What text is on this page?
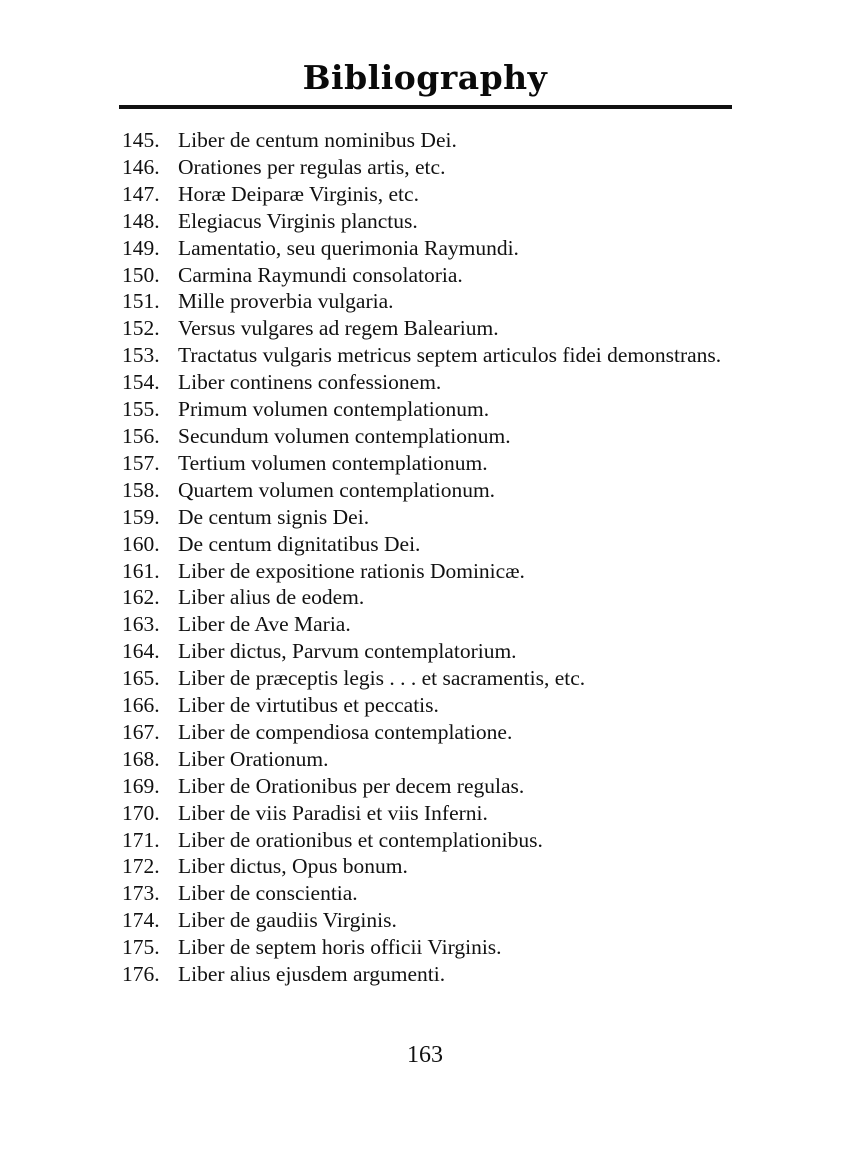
Bibliography
145. Liber de centum nominibus Dei.
146. Orationes per regulas artis, etc.
147. Horæ Deiparæ Virginis, etc.
148. Elegiacus Virginis planctus.
149. Lamentatio, seu querimonia Raymundi.
150. Carmina Raymundi consolatoria.
151. Mille proverbia vulgaria.
152. Versus vulgares ad regem Balearium.
153. Tractatus vulgaris metricus septem articulos fidei demonstrans.
154. Liber continens confessionem.
155. Primum volumen contemplationum.
156. Secundum volumen contemplationum.
157. Tertium volumen contemplationum.
158. Quartem volumen contemplationum.
159. De centum signis Dei.
160. De centum dignitatibus Dei.
161. Liber de expositione rationis Dominicæ.
162. Liber alius de eodem.
163. Liber de Ave Maria.
164. Liber dictus, Parvum contemplatorium.
165. Liber de præceptis legis . . . et sacramentis, etc.
166. Liber de virtutibus et peccatis.
167. Liber de compendiosa contemplatione.
168. Liber Orationum.
169. Liber de Orationibus per decem regulas.
170. Liber de viis Paradisi et viis Inferni.
171. Liber de orationibus et contemplationibus.
172. Liber dictus, Opus bonum.
173. Liber de conscientia.
174. Liber de gaudiis Virginis.
175. Liber de septem horis officii Virginis.
176. Liber alius ejusdem argumenti.
163
